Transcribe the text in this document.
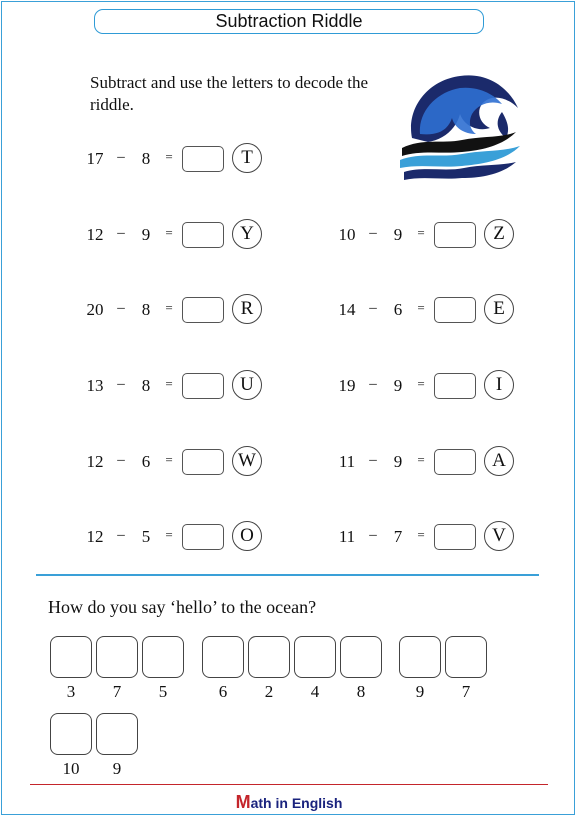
Subtraction Riddle
Subtract and use the letters to decode the riddle.
17 –	8	=	T
12 –	9	=	Y	10 –	9	=	Z
20 –	8	=	R	14 –	6	=	E
13 –	8	=	U	19 –	9	=	I
12 –	6	=	W	11 –	9	=	A
12 –	5	=	O	11 –	7	=	V
How do you say ‘hello’ to the ocean?
3	7	5	6	2	4	8	9	7
10	9
Math in English
